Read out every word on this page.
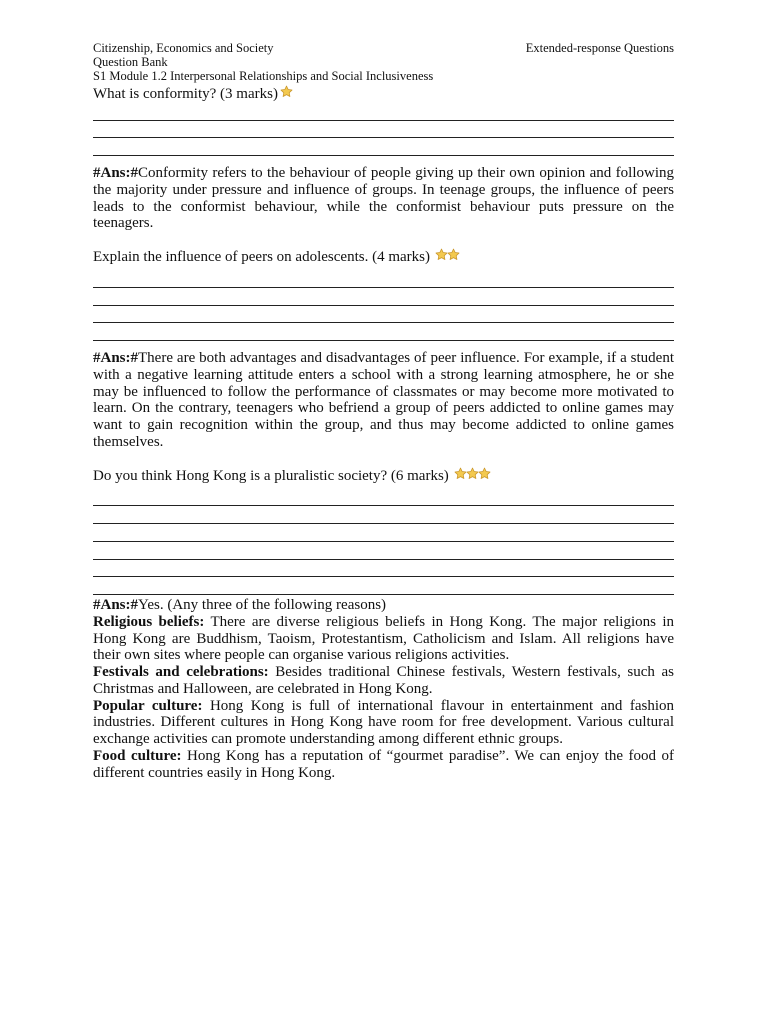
Citizenship, Economics and Society	Extended-response Questions
Question Bank
S1 Module 1.2 Interpersonal Relationships and Social Inclusiveness
What is conformity? (3 marks)

#Ans:#Conformity refers to the behaviour of people giving up their own opinion and following the majority under pressure and influence of groups. In teenage groups, the influence of peers leads to the conformist behaviour, while the conformist behaviour puts pressure on the teenagers.

Explain the influence of peers on adolescents. (4 marks)

#Ans:#There are both advantages and disadvantages of peer influence. For example, if a student with a negative learning attitude enters a school with a strong learning atmosphere, he or she may be influenced to follow the performance of classmates or may become more motivated to learn. On the contrary, teenagers who befriend a group of peers addicted to online games may want to gain recognition within the group, and thus may become addicted to online games themselves.

Do you think Hong Kong is a pluralistic society? (6 marks)

#Ans:#Yes. (Any three of the following reasons)

Religious beliefs: There are diverse religious beliefs in Hong Kong. The major religions in Hong Kong are Buddhism, Taoism, Protestantism, Catholicism and Islam. All religions have their own sites where people can organise various religions activities.

Festivals and celebrations: Besides traditional Chinese festivals, Western festivals, such as Christmas and Halloween, are celebrated in Hong Kong.

Popular culture: Hong Kong is full of international flavour in entertainment and fashion industries. Different cultures in Hong Kong have room for free development. Various cultural exchange activities can promote understanding among different ethnic groups.

Food culture: Hong Kong has a reputation of “gourmet paradise”. We can enjoy the food of different countries easily in Hong Kong.
